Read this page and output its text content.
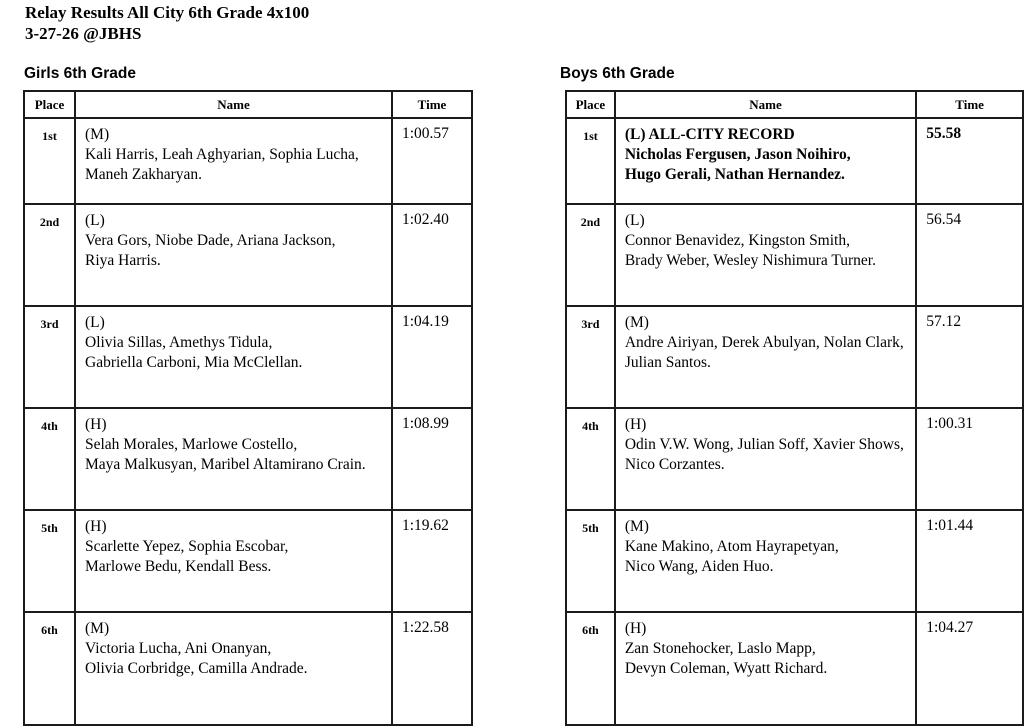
Relay Results All City 6th Grade 4x100
3-27-26 @JBHS
Girls 6th Grade	Boys 6th Grade
Place	Name	Time
1st	(M)
Kali Harris, Leah Aghyarian, Sophia Lucha,
Maneh Zakharyan.	1:00.57
2nd	(L)
Vera Gors, Niobe Dade, Ariana Jackson,
Riya Harris.	1:02.40
3rd	(L)
Olivia Sillas, Amethys Tidula,
Gabriella Carboni, Mia McClellan.	1:04.19
4th	(H)
Selah Morales, Marlowe Costello,
Maya Malkusyan, Maribel Altamirano Crain.	1:08.99
5th	(H)
Scarlette Yepez, Sophia Escobar,
Marlowe Bedu, Kendall Bess.	1:19.62
6th	(M)
Victoria Lucha, Ani Onanyan,
Olivia Corbridge, Camilla Andrade.	1:22.58
Place	Name	Time
1st	(L) ALL-CITY RECORD
Nicholas Fergusen, Jason Noihiro,
Hugo Gerali, Nathan Hernandez.	55.58
2nd	(L)
Connor Benavidez, Kingston Smith,
Brady Weber, Wesley Nishimura Turner.	56.54
3rd	(M)
Andre Airiyan, Derek Abulyan, Nolan Clark,
Julian Santos.	57.12
4th	(H)
Odin V.W. Wong, Julian Soff, Xavier Shows,
Nico Corzantes.	1:00.31
5th	(M)
Kane Makino, Atom Hayrapetyan,
Nico Wang, Aiden Huo.	1:01.44
6th	(H)
Zan Stonehocker, Laslo Mapp,
Devyn Coleman, Wyatt Richard.	1:04.27
